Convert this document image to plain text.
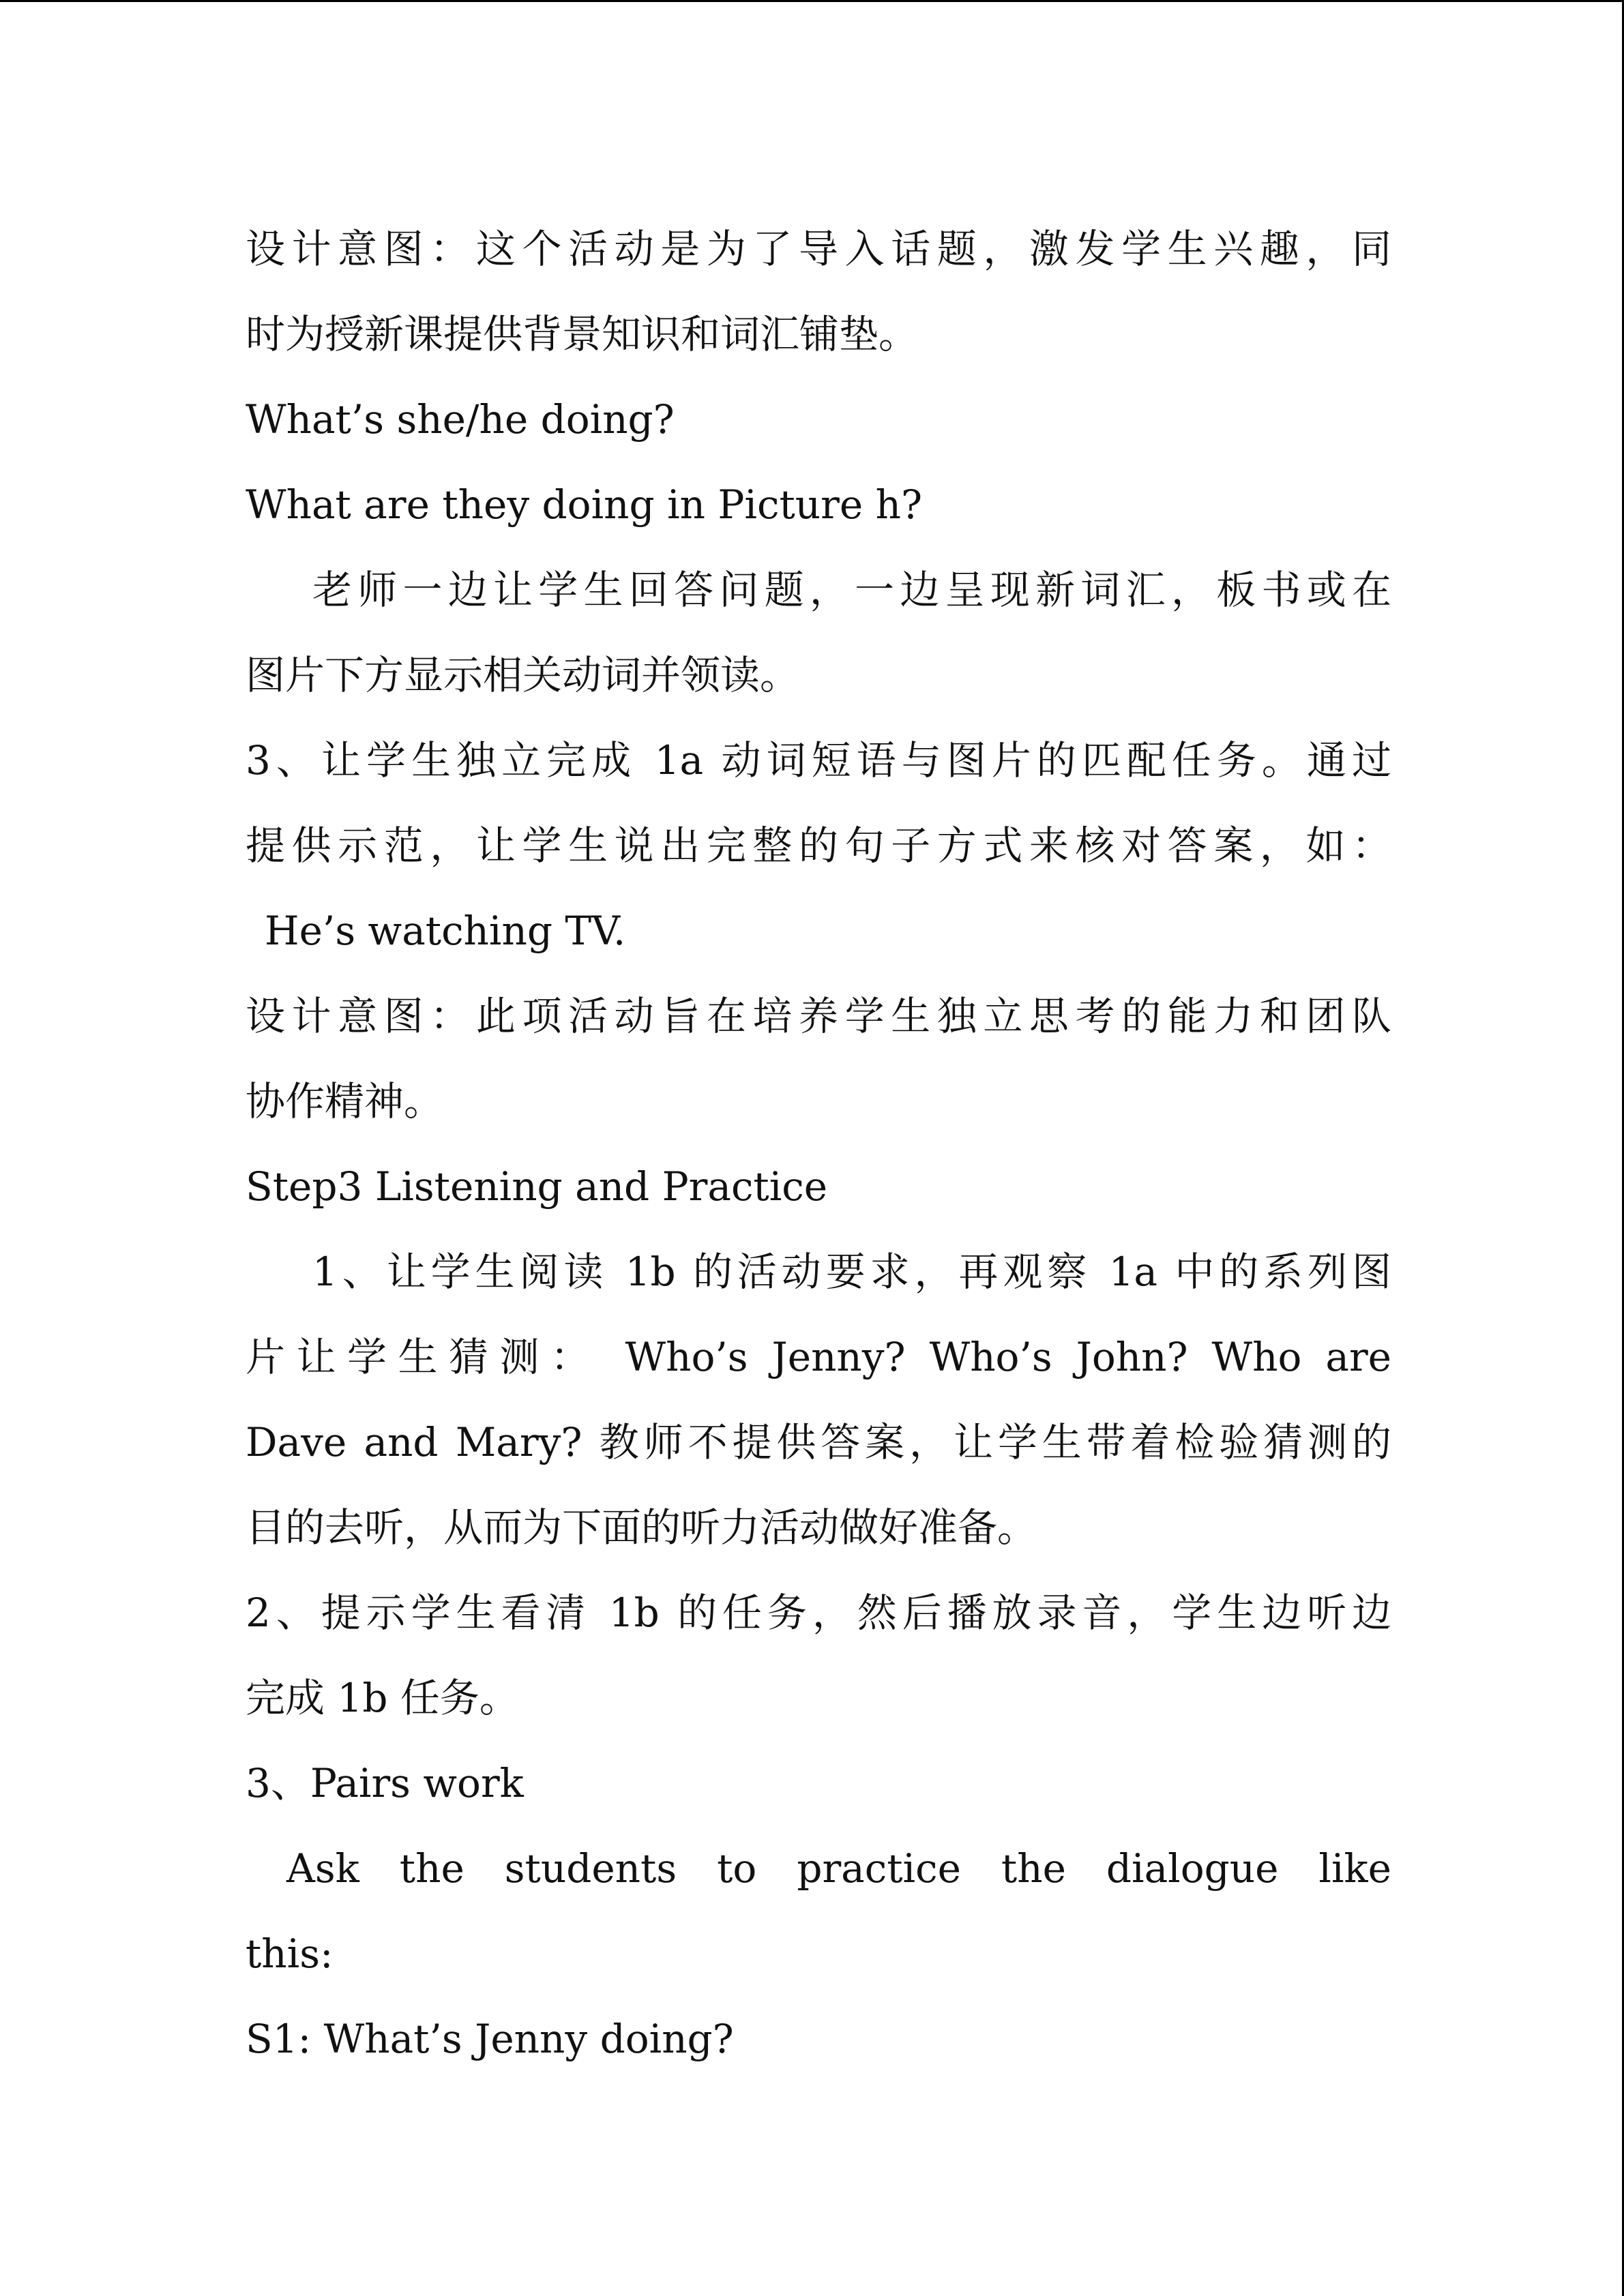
设计意图：这个活动是为了导入话题，激发学生兴趣，同
时为授新课提供背景知识和词汇铺垫。
What’s she/he doing?
What are they doing in Picture h?
老师一边让学生回答问题，一边呈现新词汇，板书或在
图片下方显示相关动词并领读。
3、让学生独立完成 1a 动词短语与图片的匹配任务。通过
提供示范，让学生说出完整的句子方式来核对答案，如：
He’s watching TV.
设计意图：此项活动旨在培养学生独立思考的能力和团队
协作精神。
Step3 Listening and Practice
1、让学生阅读 1b 的活动要求，再观察 1a 中的系列图
片让学生猜测： Who’s Jenny? Who’s John? Who are
Dave and Mary? 教师不提供答案，让学生带着检验猜测的
目的去听，从而为下面的听力活动做好准备。
2、提示学生看清 1b 的任务，然后播放录音，学生边听边
完成 1b 任务。
3、Pairs work
Ask the students to practice the dialogue like
this:
S1: What’s Jenny doing?
